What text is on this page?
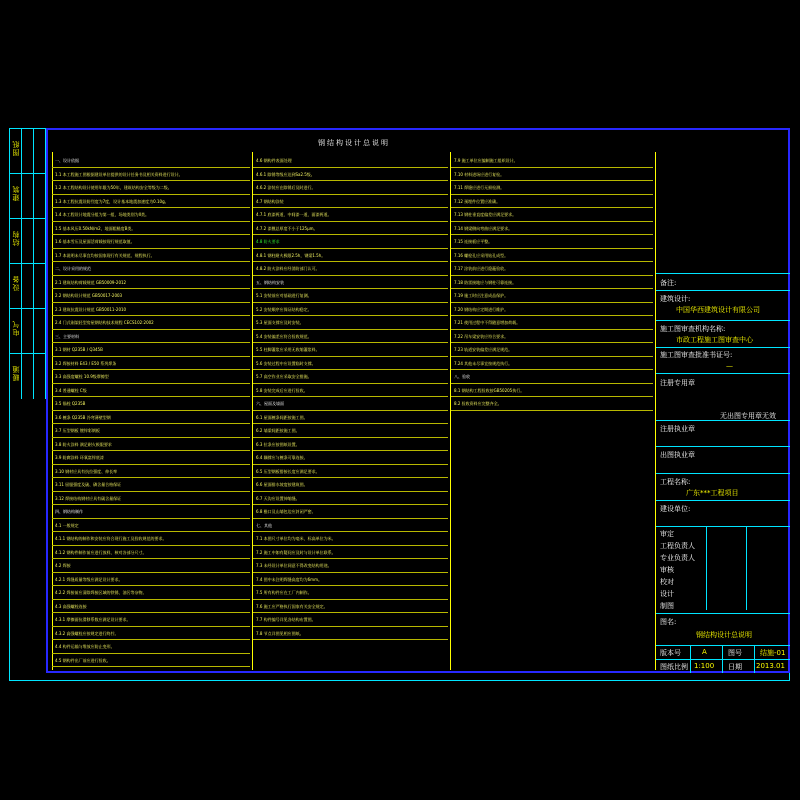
图纸
建筑
结构
设备
电气
暖通
钢结构设计总说明
一、设计依据
1.1 本工程施工图根据建设单位提供的设计任务书及相关资料进行设计。
1.2 本工程结构设计使用年限为50年，建筑结构安全等级为二级。
1.3 本工程抗震设防烈度为7度，设计基本地震加速度为0.10g。
1.4 本工程设计地震分组为第一组，场地类别为II类。
1.5 基本风压0.50kN/m2，地面粗糙度B类。
1.6 基本雪压及屋面活荷载按现行规范取值。
1.7 本说明未尽事宜均按国家现行有关规范、规程执行。
二、设计采用的规范
2.1 建筑结构荷载规范 GB50009-2012
2.2 钢结构设计规范 GB50017-2003
2.3 建筑抗震设计规范 GB50011-2010
2.4 门式刚架轻型房屋钢结构技术规程 CECS102:2002
三、主要材料
3.1 钢材 Q235B / Q345B
3.2 焊接材料 E43 / E50 系列焊条
3.3 高强度螺栓 10.9级摩擦型
3.4 普通螺栓 C级
3.5 锚栓 Q235B
3.6 檩条 Q235B 冷弯薄壁型钢
3.7 压型钢板 镀锌彩钢板
3.8 防火涂料 满足耐火极限要求
3.9 防腐涂料 环氧富锌底漆
3.10 钢材应具有抗拉强度、伸长率
3.11 屈服强度及硫、磷含量合格保证
3.12 焊接结构钢材应具有碳含量保证
四、钢结构制作
4.1 一般规定
4.1.1 钢结构的制作和安装应符合现行施工及验收规范的要求。
4.1.2 钢构件制作前应进行放样，核对各部分尺寸。
4.2 焊接
4.2.1 焊缝质量等级应满足设计要求。
4.2.2 焊接前应清除焊接区域的铁锈、油污等杂物。
4.3 高强螺栓连接
4.3.1 摩擦面抗滑移系数应满足设计要求。
4.3.2 高强螺栓应按规定进行终拧。
4.4 构件运输与堆放应防止变形。
4.5 钢构件出厂前应进行验收。
4.6 钢构件表面处理
4.6.1 除锈等级应达到Sa2.5级。
4.6.2 涂装应在除锈后及时进行。
4.7 钢结构涂装
4.7.1 底漆两道，中间漆一道，面漆两道。
4.7.2 漆膜总厚度不小于125μm。
4.8 防火要求
4.8.1 钢柱耐火极限2.5h，钢梁1.5h。
4.8.2 防火涂料应经消防部门认可。
五、钢结构安装
5.1 安装前应对基础进行复测。
5.2 安装顺序应保证结构稳定。
5.3 屋面支撑应及时安装。
5.4 安装偏差应符合验收规范。
5.5 柱脚灌浆应采用无收缩灌浆料。
5.6 安装过程中应设置临时支撑。
5.7 高空作业应采取安全措施。
5.8 安装完成后应进行验收。
六、屋面及墙面
6.1 屋面檩条间距按施工图。
6.2 墙梁间距按施工图。
6.3 拉条应按图纸设置。
6.4 隅撑应与檩条可靠连接。
6.5 压型钢板搭接长度应满足要求。
6.6 屋面排水坡度按建筑图。
6.7 天沟应设置伸缩缝。
6.8 檐口及山墙包边应封闭严密。
七、其他
7.1 本图尺寸单位均为毫米，标高单位为米。
7.2 施工中如有疑问应及时与设计单位联系。
7.3 未经设计单位同意不得改变结构用途。
7.4 图中未注明焊缝高度均为6mm。
7.5 所有构件应在工厂内制作。
7.6 施工应严格执行国家有关安全规定。
7.7 构件编号详见各结构布置图。
7.8 节点详图见相应图纸。
7.9 施工单位应编制施工组织设计。
7.10 材料进场应进行复检。
7.11 焊缝应进行无损检测。
7.12 预埋件位置应准确。
7.13 钢柱垂直度偏差应满足要求。
7.14 钢梁侧向弯曲应满足要求。
7.15 连接板应平整。
7.16 螺栓孔应采用钻孔成型。
7.17 涂装前应进行隐蔽验收。
7.18 防雷接地应与钢柱可靠连接。
7.19 施工时应注意成品保护。
7.20 钢结构应定期进行维护。
7.21 使用过程中不得随意增加荷载。
7.22 吊车梁安装应符合要求。
7.23 轨道安装偏差应满足规范。
7.24 其他未尽事宜按规范执行。
八、验收
8.1 钢结构工程验收按GB50205执行。
8.2 验收资料应完整齐全。
备注:
建筑设计:
中国华西建筑设计有限公司
施工图审查机构名称:
市政工程施工图审查中心
施工图审查批准书证号:
—
注册专用章
无出图专用章无效
注册执业章
出图执业章
工程名称:
广东***工程项目
建设单位:
审定
工程负责人
专业负责人
审核
校对
设计
制图
图名:
钢结构设计总说明
版本号	A	图号	结施-01
图纸比例 1:100 日期 2013.01
